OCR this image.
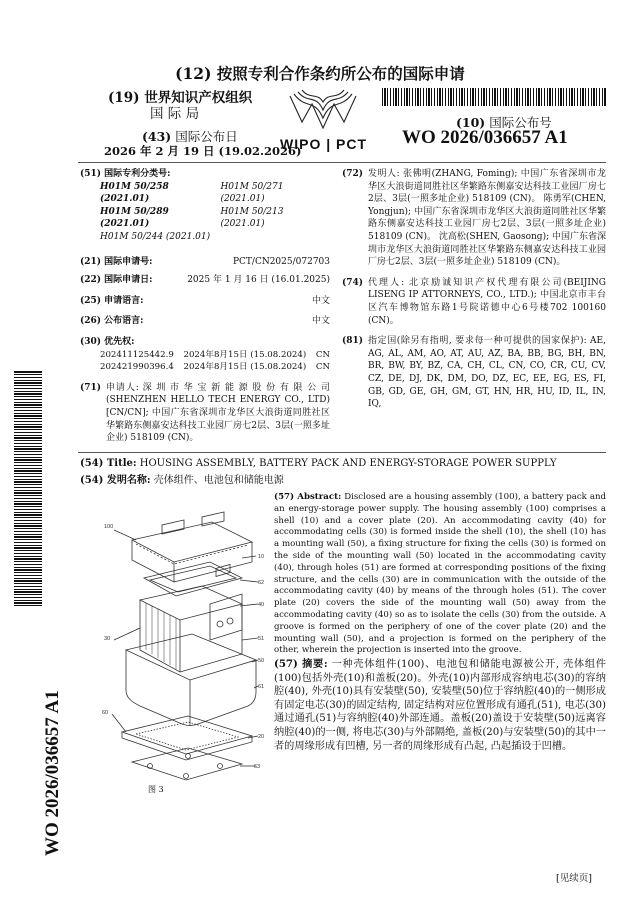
(12) 按照专利合作条约所公布的国际申请
(19) 世界知识产权组织
国 际 局
(43) 国际公布日
2026 年 2 月 19 日 (19.02.2026)
WIPO | PCT
(10) 国际公布号
WO 2026/036657 A1
WO 2026/036657 A1
(51) 国际专利分类号:
H01M 50/258 (2021.01)
H01M 50/271 (2021.01)
H01M 50/289 (2021.01)
H01M 50/213 (2021.01)
H01M 50/244 (2021.01)
(21) 国际申请号:	PCT/CN2025/072703
(22) 国际申请日:	2025 年 1 月 16 日 (16.01.2025)
(25) 申请语言:	中文
(26) 公布语言:	中文
(30) 优先权:
202411125442.9 2024年8月15日 (15.08.2024) CN
202421990396.4 2024年8月15日 (15.08.2024) CN
(71) 申请人: 深 圳 市 华 宝 新 能 源 股 份 有 限 公 司 (SHENZHEN HELLO TECH ENERGY CO., LTD) [CN/CN]; 中国广东省深圳市龙华区大浪街道同胜社区华繁路东侧嘉安达科技工业园厂房七2层、3层(一照多址企业) 518109 (CN)。
(72) 发明人: 张佛明(ZHANG, Foming); 中国广东省深圳市龙华区大浪街道同胜社区华繁路东侧嘉安达科技工业园厂房七2层、3层(一照多址企业) 518109 (CN)。 陈勇军(CHEN, Yongjun); 中国广东省深圳市龙华区大浪街道同胜社区华繁路东侧嘉安达科技工业园厂房七2层、3层(一照多址企业) 518109 (CN)。 沈高松(SHEN, Gaosong); 中国广东省深圳市龙华区大浪街道同胜社区华繁路东侧嘉安达科技工业园厂房七2层、3层(一照多址企业) 518109 (CN)。
(74) 代理人: 北京励诚知识产权代理有限公司(BEIJING LISENG IP ATTORNEYS, CO., LTD.); 中国北京市丰台区汽车博物馆东路1号院诺德中心6号楼702 100160 (CN)。
(81) 指定国(除另有指明, 要求每一种可提供的国家保护): AE, AG, AL, AM, AO, AT, AU, AZ, BA, BB, BG, BH, BN, BR, BW, BY, BZ, CA, CH, CL, CN, CO, CR, CU, CV, CZ, DE, DJ, DK, DM, DO, DZ, EC, EE, EG, ES, FI, GB, GD, GE, GH, GM, GT, HN, HR, HU, ID, IL, IN, IQ,
(54) Title: HOUSING ASSEMBLY, BATTERY PACK AND ENERGY-STORAGE POWER SUPPLY
(54) 发明名称: 壳体组件、电池包和储能电源
100
10
62
40
51
50
61
30
20
60
63
图 3
(57) Abstract: Disclosed are a housing assembly (100), a battery pack and an energy-storage power supply. The housing assembly (100) comprises a shell (10) and a cover plate (20). An accommodating cavity (40) for accommodating cells (30) is formed inside the shell (10), the shell (10) has a mounting wall (50), a fixing structure for fixing the cells (30) is formed on the side of the mounting wall (50) located in the accommodating cavity (40), through holes (51) are formed at corresponding positions of the fixing structure, and the cells (30) are in communication with the outside of the accommodating cavity (40) by means of the through holes (51). The cover plate (20) covers the side of the mounting wall (50) away from the accommodating cavity (40) so as to isolate the cells (30) from the outside. A groove is formed on the periphery of one of the cover plate (20) and the mounting wall (50), and a projection is formed on the periphery of the other, wherein the projection is inserted into the groove.
(57) 摘要: 一种壳体组件(100)、电池包和储能电源被公开, 壳体组件(100)包括外壳(10)和盖板(20)。外壳(10)内部形成容纳电芯(30)的容纳腔(40), 外壳(10)具有安装壁(50), 安装壁(50)位于容纳腔(40)的一侧形成有固定电芯(30)的固定结构, 固定结构对应位置形成有通孔(51), 电芯(30)通过通孔(51)与容纳腔(40)外部连通。盖板(20)盖设于安装壁(50)远离容纳腔(40)的一侧, 将电芯(30)与外部隔绝, 盖板(20)与安装壁(50)的其中一者的周缘形成有凹槽, 另一者的周缘形成有凸起, 凸起插设于凹槽。
[见续页]
